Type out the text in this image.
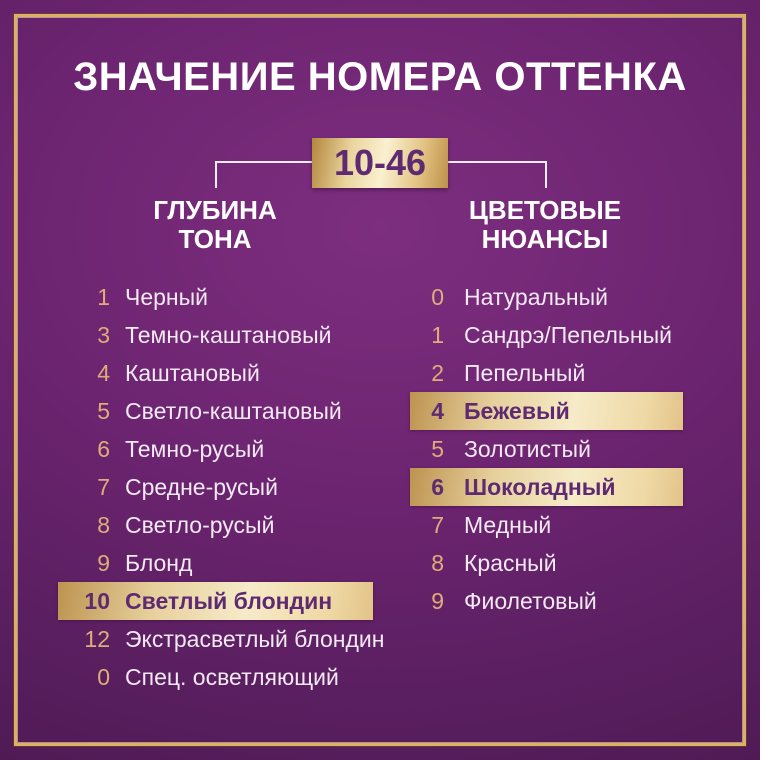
ЗНАЧЕНИЕ НОМЕРА ОТТЕНКА
10-46
ГЛУБИНА
ТОНА
ЦВЕТОВЫЕ
НЮАНСЫ
1 Черный
3 Темно-каштановый
4 Каштановый
5 Светло-каштановый
6 Темно-русый
7 Средне-русый
8 Светло-русый
9 Блонд
10 Светлый блондин
12 Экстрасветлый блондин
0 Спец. осветляющий
0 Натуральный
1 Сандрэ/Пепельный
2 Пепельный
4 Бежевый
5 Золотистый
6 Шоколадный
7 Медный
8 Красный
9 Фиолетовый
